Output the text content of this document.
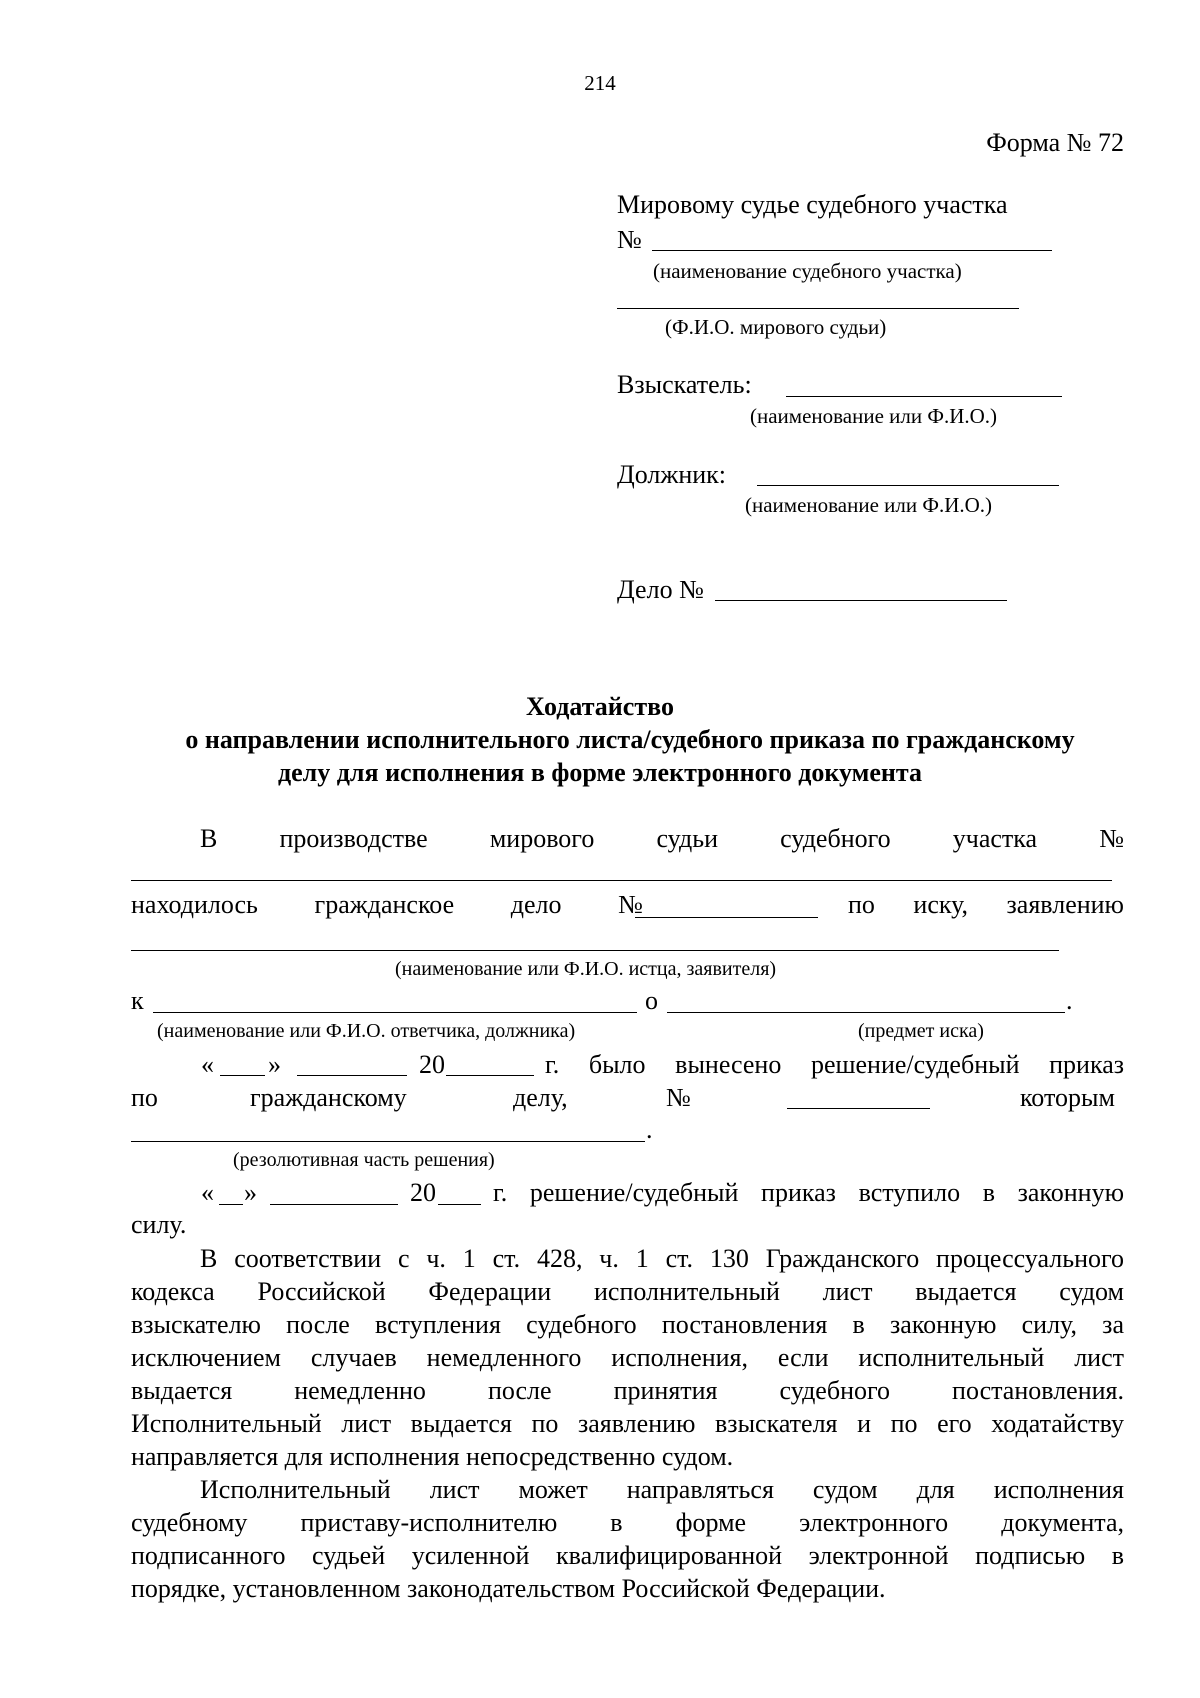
214
Форма № 72
Мировому судье судебного участка
№
(наименование судебного участка)
(Ф.И.О. мирового судьи)
Взыскатель:
(наименование или Ф.И.О.)
Должник:
(наименование или Ф.И.О.)
Дело №
Ходатайство
о направлении исполнительного листа/судебного приказа по гражданскому
делу для исполнения в форме электронного документа
В производстве мирового судьи судебного участка №
находилось гражданское дело №	по иску, заявлению
(наименование или Ф.И.О. истца, заявителя)
к	о	.
(наименование или Ф.И.О. ответчика, должника)	(предмет иска)
« »	20	г. было вынесено решение/судебный приказ
по	гражданскому	делу,	№	которым
.
(резолютивная часть решения)
« »	20 г. решение/судебный приказ вступило в законную
силу.
В соответствии с ч. 1 ст. 428, ч. 1 ст. 130 Гражданского процессуального
кодекса Российской Федерации исполнительный лист выдается судом
взыскателю после вступления судебного постановления в законную силу, за
исключением случаев немедленного исполнения, если исполнительный лист
выдается немедленно после принятия судебного постановления.
Исполнительный лист выдается по заявлению взыскателя и по его ходатайству
направляется для исполнения непосредственно судом.
Исполнительный лист может направляться судом для исполнения
судебному приставу-исполнителю в форме электронного документа,
подписанного судьей усиленной квалифицированной электронной подписью в
порядке, установленном законодательством Российской Федерации.
